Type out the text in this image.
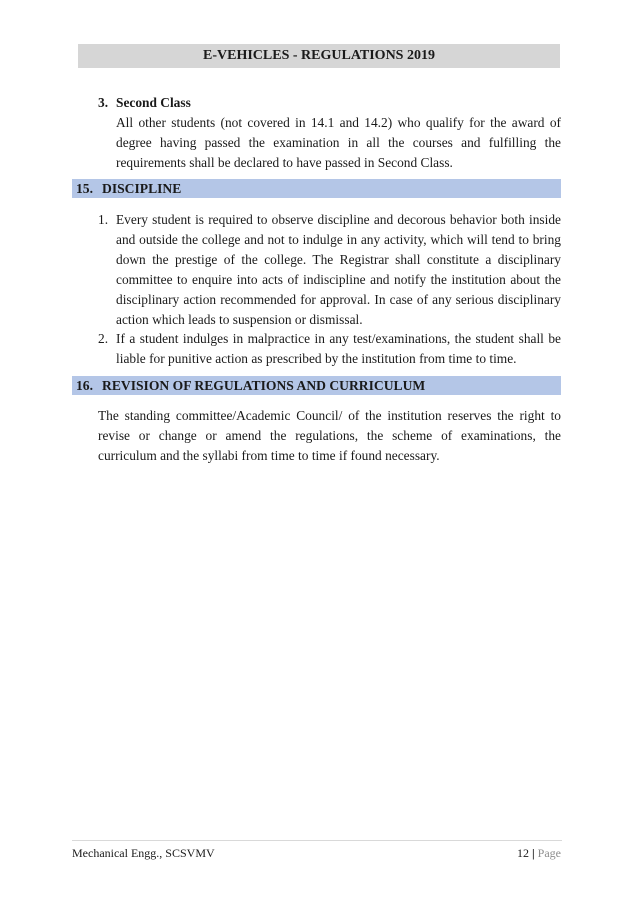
E-VEHICLES - REGULATIONS 2019
3. Second Class
All other students (not covered in 14.1 and 14.2) who qualify for the award of degree having passed the examination in all the courses and fulfilling the requirements shall be declared to have passed in Second Class.
15. DISCIPLINE
1. Every student is required to observe discipline and decorous behavior both inside and outside the college and not to indulge in any activity, which will tend to bring down the prestige of the college. The Registrar shall constitute a disciplinary committee to enquire into acts of indiscipline and notify the institution about the disciplinary action recommended for approval. In case of any serious disciplinary action which leads to suspension or dismissal.
2. If a student indulges in malpractice in any test/examinations, the student shall be liable for punitive action as prescribed by the institution from time to time.
16. REVISION OF REGULATIONS AND CURRICULUM
The standing committee/Academic Council/ of the institution reserves the right to revise or change or amend the regulations, the scheme of examinations, the curriculum and the syllabi from time to time if found necessary.
Mechanical Engg., SCSVMV	12 | Page
